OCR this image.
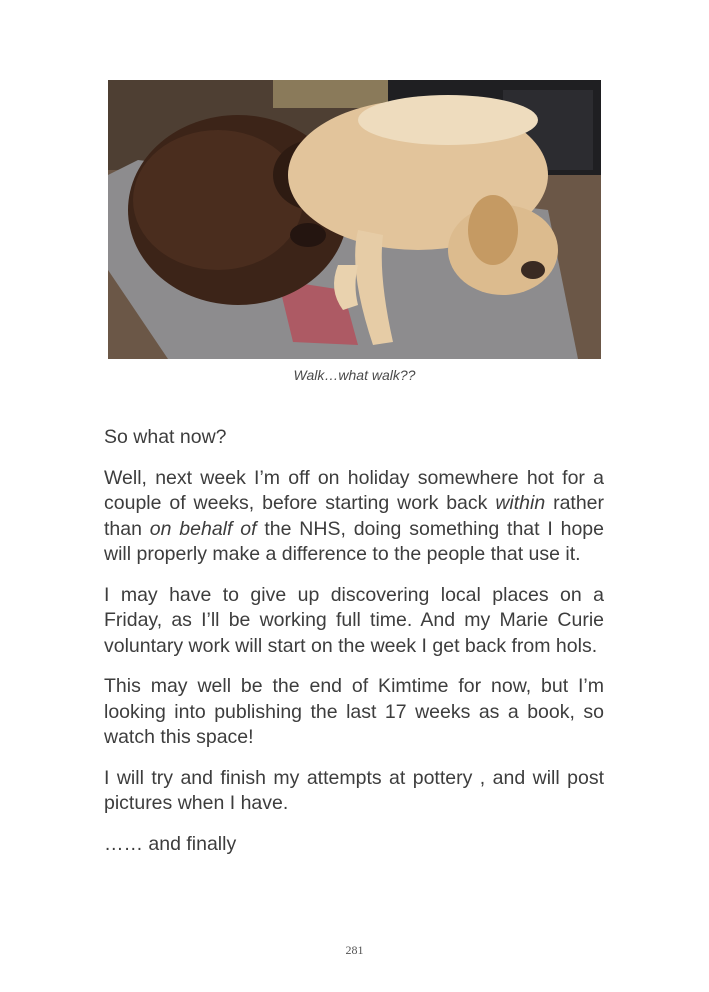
Walk…what walk??

So what now?

Well, next week I’m off on holiday somewhere hot for a couple of weeks, before starting work back within rather than on behalf of the NHS, doing something that I hope will properly make a difference to the people that use it.

I may have to give up discovering local places on a Friday, as I’ll be working full time. And my Marie Curie voluntary work will start on the week I get back from hols.

This may well be the end of Kimtime for now, but I’m looking into publishing the last 17 weeks as a book, so watch this space!

I will try and finish my attempts at pottery , and will post pictures when I have.

…… and finally

281
